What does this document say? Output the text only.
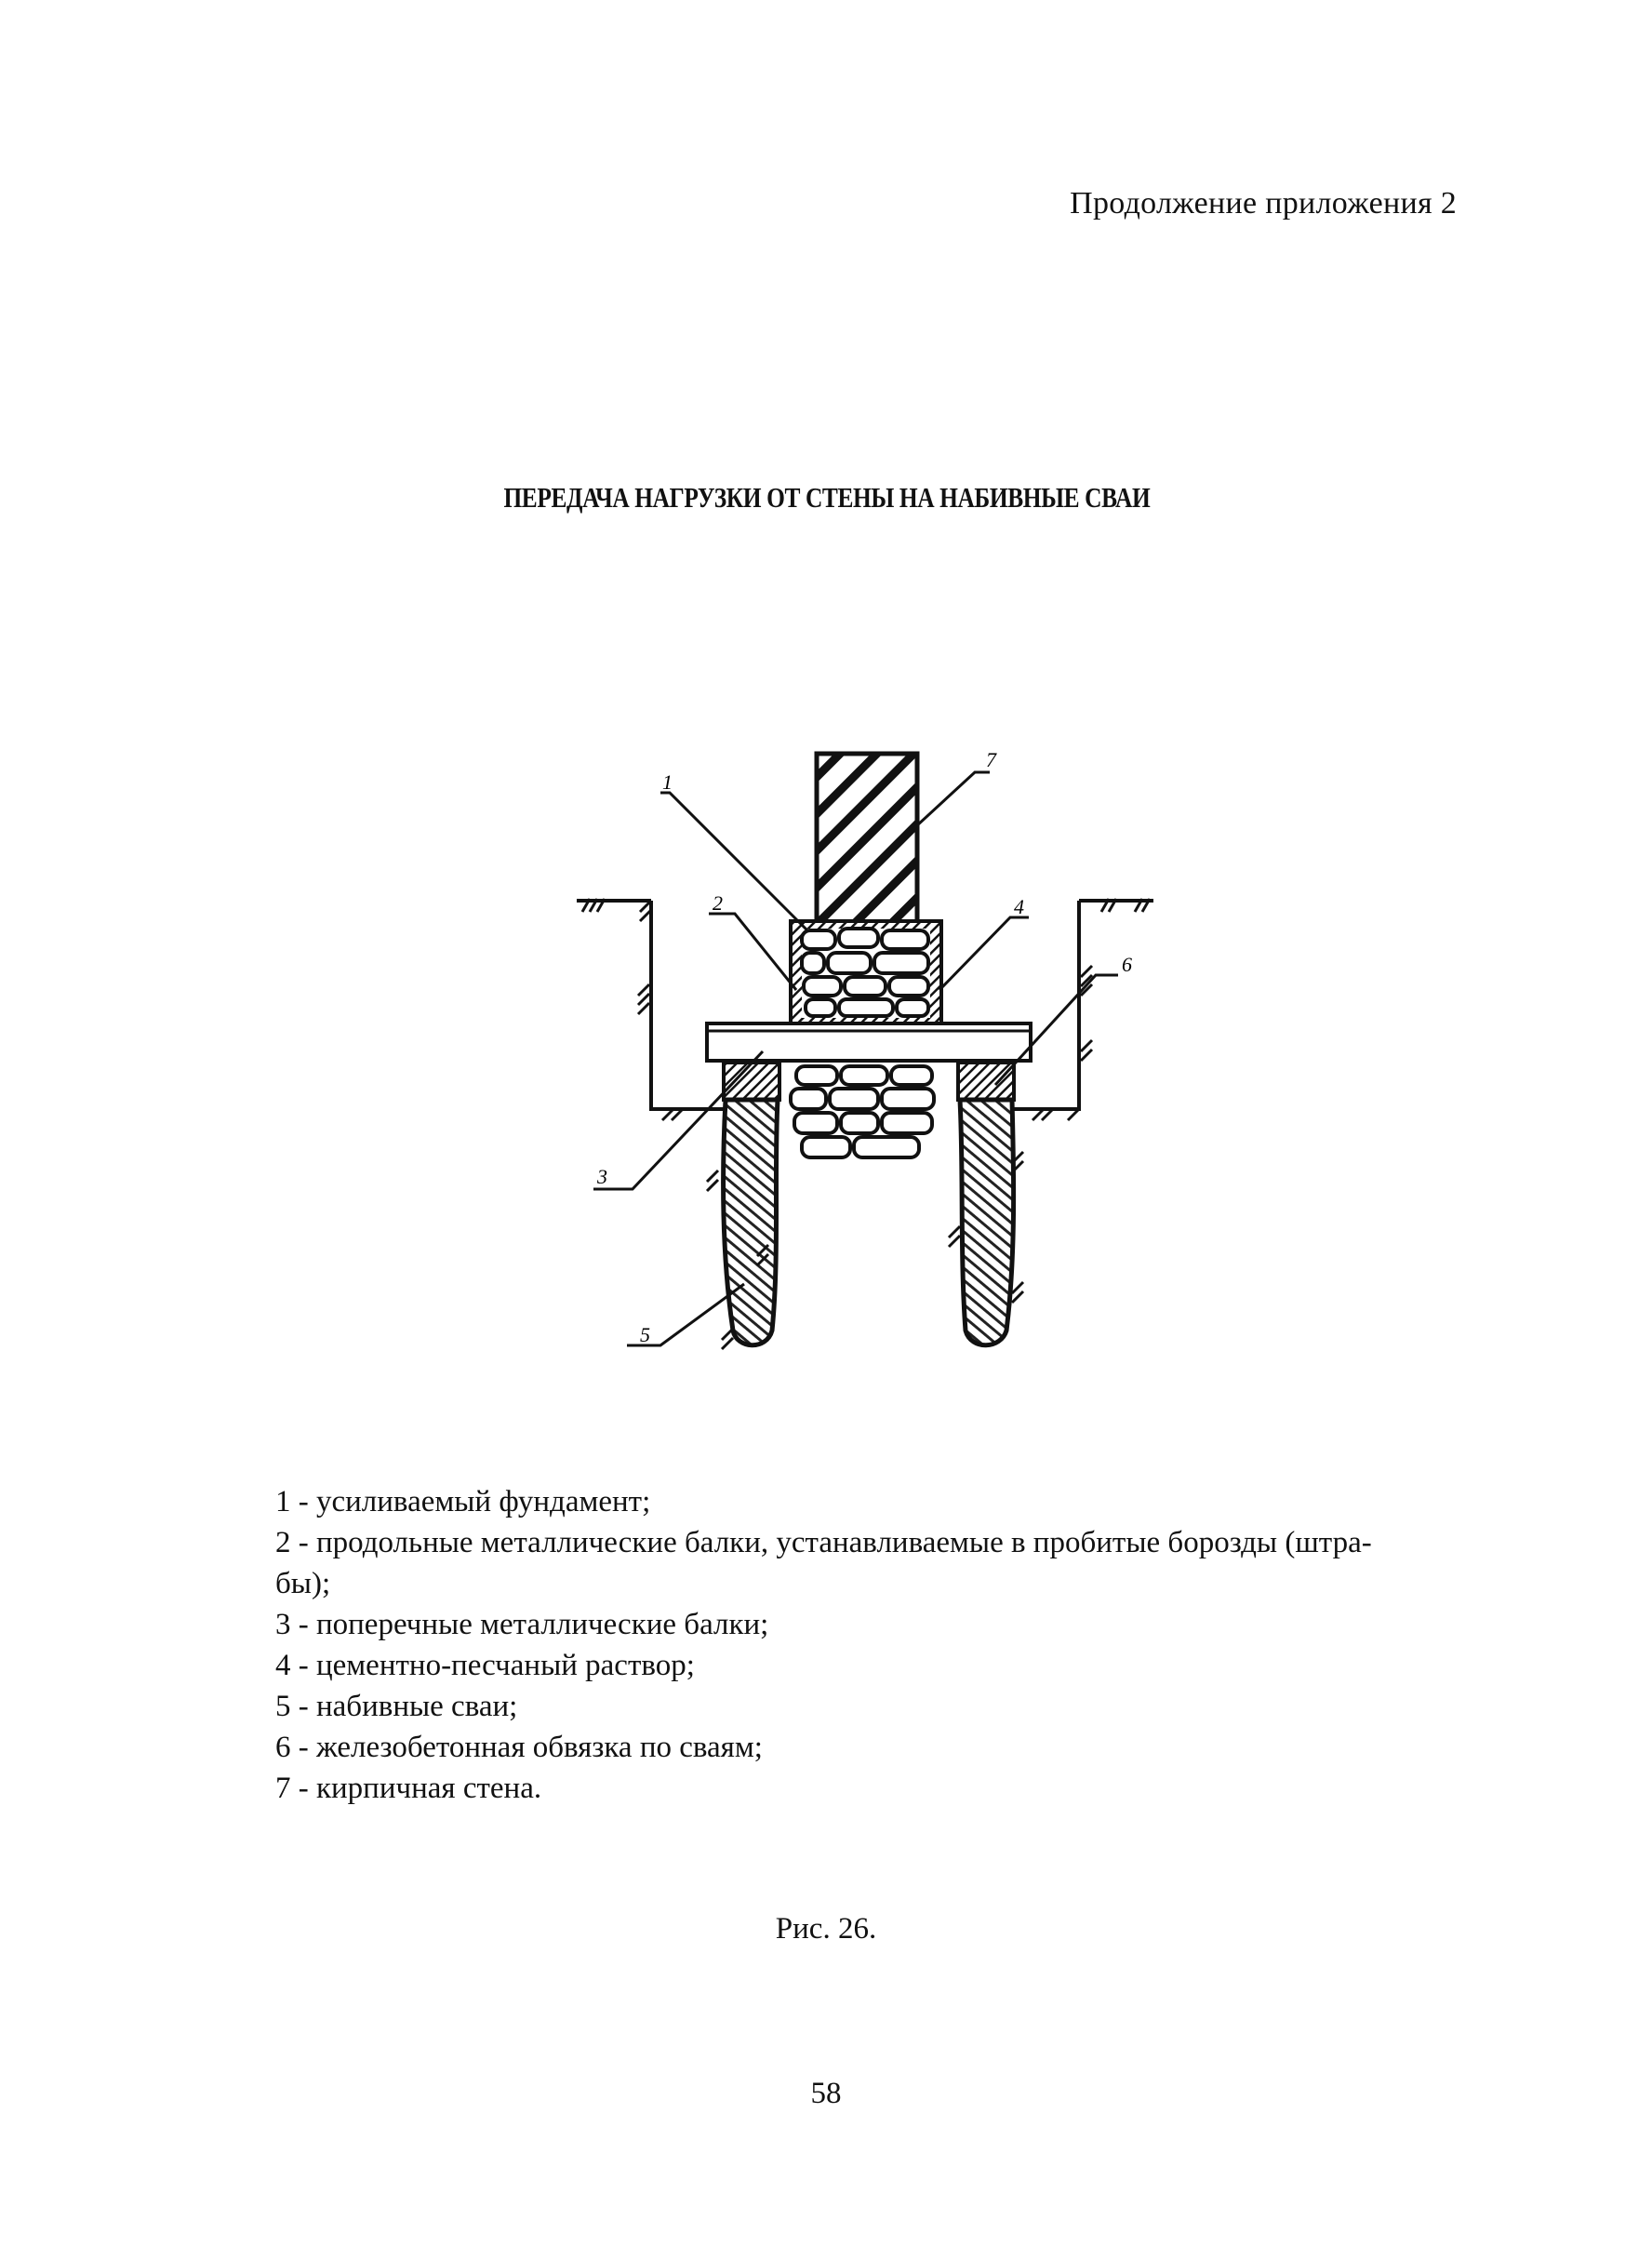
Продолжение приложения 2
ПЕРЕДАЧА НАГРУЗКИ ОТ СТЕНЫ НА НАБИВНЫЕ СВАИ
1
2
3
4
5
6
7
1 - усиливаемый фундамент;
2 - продольные металлические балки, устанавливаемые в пробитые борозды (штра-
бы);
3 - поперечные металлические балки;
4 - цементно-песчаный раствор;
5 - набивные сваи;
6 - железобетонная обвязка по сваям;
7 - кирпичная стена.
Рис. 26.
58
